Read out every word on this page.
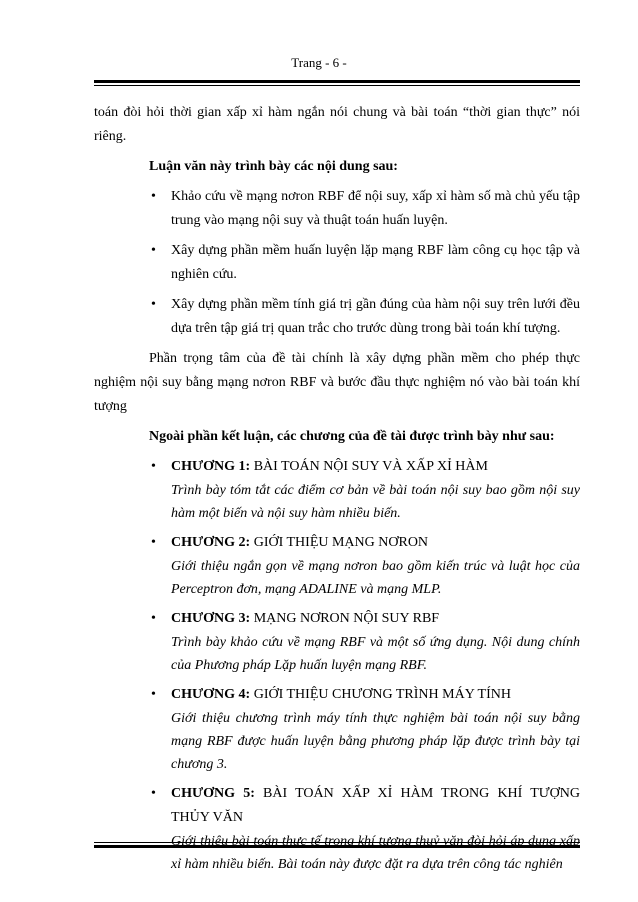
Trang - 6 -

toán đòi hỏi thời gian xấp xỉ hàm ngắn nói chung và bài toán “thời gian thực” nói riêng.

Luận văn này trình bày các nội dung sau:

• Khảo cứu về mạng nơron RBF để nội suy, xấp xỉ hàm số mà chủ yếu tập trung vào mạng nội suy và thuật toán huấn luyện.
• Xây dựng phần mềm huấn luyện lặp mạng RBF làm công cụ học tập và nghiên cứu.
• Xây dựng phần mềm tính giá trị gần đúng của hàm nội suy trên lưới đều dựa trên tập giá trị quan trắc cho trước dùng trong bài toán khí tượng.

Phần trọng tâm của đề tài chính là xây dựng phần mềm cho phép thực nghiệm nội suy bằng mạng nơron RBF và bước đầu thực nghiệm nó vào bài toán khí tượng

Ngoài phần kết luận, các chương của đề tài được trình bày như sau:

• CHƯƠNG 1: BÀI TOÁN NỘI SUY VÀ XẤP XỈ HÀM
Trình bày tóm tắt các điểm cơ bản về bài toán nội suy bao gồm nội suy hàm một biến và nội suy hàm nhiều biến.
• CHƯƠNG 2: GIỚI THIỆU MẠNG NƠRON
Giới thiệu ngắn gọn về mạng nơron bao gồm kiến trúc và luật học của Perceptron đơn, mạng ADALINE và mạng MLP.
• CHƯƠNG 3: MẠNG NƠRON NỘI SUY RBF
Trình bày khảo cứu về mạng RBF và một số ứng dụng. Nội dung chính của Phương pháp Lặp huấn luyện mạng RBF.
• CHƯƠNG 4: GIỚI THIỆU CHƯƠNG TRÌNH MÁY TÍNH
Giới thiệu chương trình máy tính thực nghiệm bài toán nội suy bằng mạng RBF được huấn luyện bằng phương pháp lặp được trình bày tại chương 3.
• CHƯƠNG 5: BÀI TOÁN XẤP XỈ HÀM TRONG KHÍ TƯỢNG THỦY VĂN
Giới thiệu bài toán thực tế trong khí tượng thuỷ văn đòi hỏi áp dụng xấp xỉ hàm nhiều biến. Bài toán này được đặt ra dựa trên công tác nghiên
